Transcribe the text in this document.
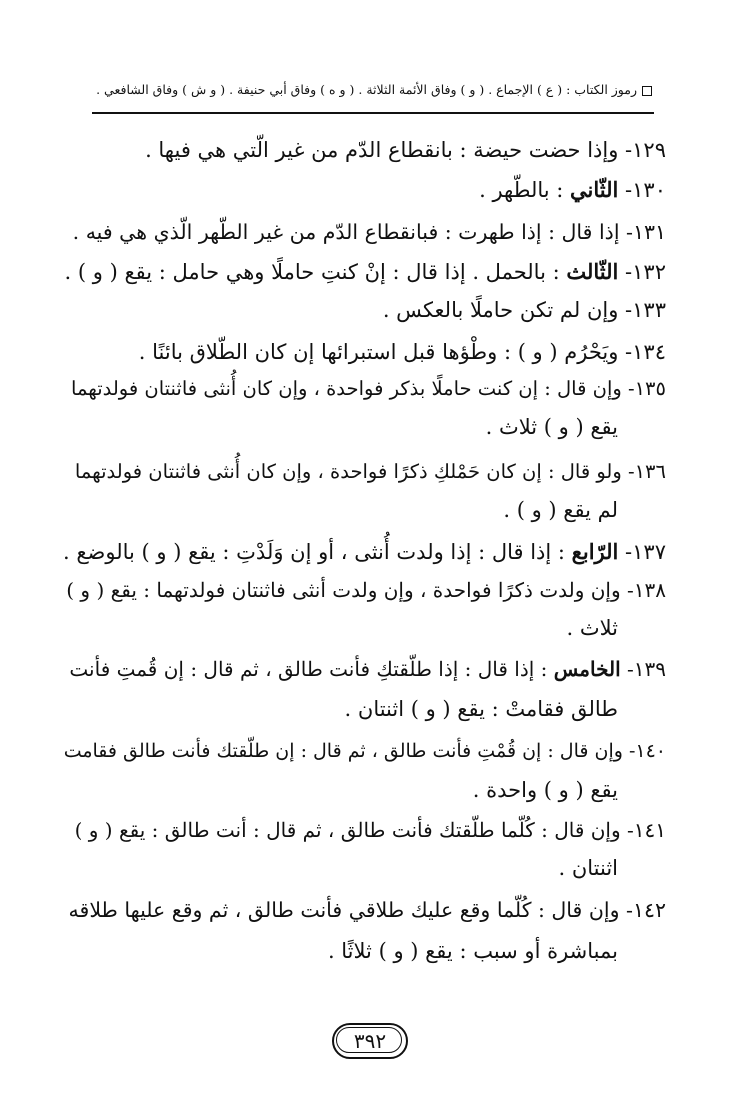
رموز الكتاب : ( ع ) الإجماع . ( و ) وفاق الأئمة الثلاثة . ( و ه ) وفاق أبي حنيفة . ( و ش ) وفاق الشافعي .
١٢٩- وإذا حضت حيضة : بانقطاع الدّم من غير الّتي هي فيها .
١٣٠- الثّاني : بالطّهر .
١٣١- إذا قال : إذا طهرت : فبانقطاع الدّم من غير الطّهر الّذي هي فيه .
١٣٢- الثّالث : بالحمل . إذا قال : إنْ كنتِ حاملًا وهي حامل : يقع ( و ) .
١٣٣- وإن لم تكن حاملًا بالعكس .
١٣٤- ويَحْرُم ( و ) : وطْؤها قبل استبرائها إن كان الطّلاق بائنًا .
١٣٥- وإن قال : إن كنت حاملًا بذكر فواحدة ، وإن كان أُنثى فاثنتان فولدتهما
يقع ( و ) ثلاث .
١٣٦- ولو قال : إن كان حَمْلكِ ذكرًا فواحدة ، وإن كان أُنثى فاثنتان فولدتهما
لم يقع ( و ) .
١٣٧- الرّابع : إذا قال : إذا ولدت أُنثى ، أو إن وَلَدْتِ : يقع ( و ) بالوضع .
١٣٨- وإن ولدت ذكرًا فواحدة ، وإن ولدت أنثى فاثنتان فولدتهما : يقع ( و )
ثلاث .
١٣٩- الخامس : إذا قال : إذا طلّقتكِ فأنت طالق ، ثم قال : إن قُمتِ فأنت
طالق فقامتْ : يقع ( و ) اثنتان .
١٤٠- وإن قال : إن قُمْتِ فأنت طالق ، ثم قال : إن طلّقتك فأنت طالق فقامت
يقع ( و ) واحدة .
١٤١- وإن قال : كُلّما طلّقتك فأنت طالق ، ثم قال : أنت طالق : يقع ( و )
اثنتان .
١٤٢- وإن قال : كُلّما وقع عليك طلاقي فأنت طالق ، ثم وقع عليها طلاقه
بمباشرة أو سبب : يقع ( و ) ثلاثًا .
٣٩٢
